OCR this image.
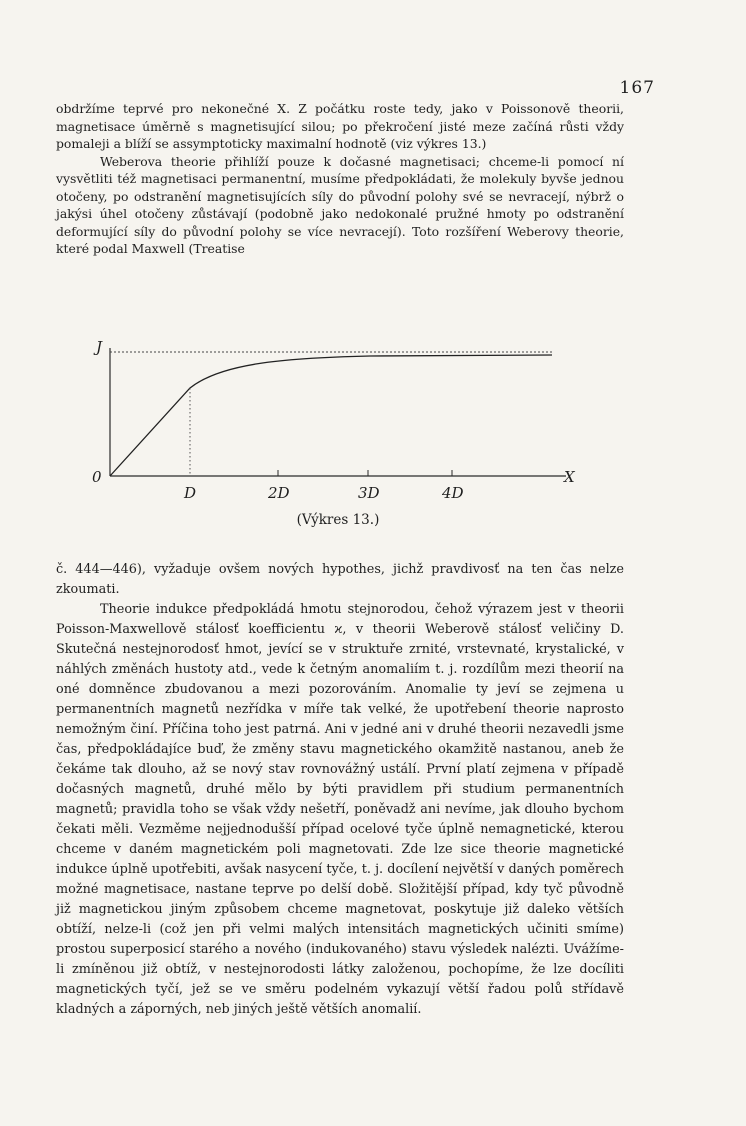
167

obdržíme teprvé pro nekonečné X. Z počátku roste tedy, jako v Poissonově theorii, magnetisace úměrně s magnetisující silou; po překročení jisté meze začíná růsti vždy pomaleji a blíží se assymptoticky maximalní hodnotě (viz výkres 13.)

Weberova theorie přihlíží pouze k dočasné magnetisaci; chceme-li pomocí ní vysvětliti též magnetisaci permanentní, musíme předpokládati, že molekuly byvše jednou otočeny, po odstranění magnetisujících síly do původní polohy své se nevracejí, nýbrž o jakýsi úhel otočeny zůstávají (podobně jako nedokonalé pružné hmoty po odstranění deformující síly do původní polohy se více nevracejí). Toto rozšíření Weberovy theorie, které podal Maxwell (Treatise

J
0	X
D	2D	3D	4D
(Výkres 13.)

č. 444—446), vyžaduje ovšem nových hypothes, jichž pravdivosť na ten čas nelze zkoumati.

Theorie indukce předpokládá hmotu stejnorodou, čehož výrazem jest v theorii Poisson-Maxwellově stálosť koefficientu ϰ, v theorii Weberově stálosť veličiny D. Skutečná nestejnorodosť hmot, jevící se v struktuře zrnité, vrstevnaté, krystalické, v náhlých změnách hustoty atd., vede k četným anomaliím t. j. rozdílům mezi theorií na oné domněnce zbudovanou a mezi pozorováním. Anomalie ty jeví se zejmena u permanentních magnetů nezřídka v míře tak velké, že upotřebení theorie naprosto nemožným činí. Příčina toho jest patrná. Ani v jedné ani v druhé theorii nezavedli jsme čas, předpokládajíce buď, že změny stavu magnetického okamžitě nastanou, aneb že čekáme tak dlouho, až se nový stav rovnovážný ustálí. První platí zejmena v případě dočasných magnetů, druhé mělo by býti pravidlem při studium permanentních magnetů; pravidla toho se však vždy nešetří, poněvadž ani nevíme, jak dlouho bychom čekati měli. Vezměme nejjednodušší případ ocelové tyče úplně nemagnetické, kterou chceme v daném magnetickém poli magnetovati. Zde lze sice theorie magnetické indukce úplně upotřebiti, avšak nasycení tyče, t. j. docílení největší v daných poměrech možné magnetisace, nastane teprve po delší době. Složitější případ, kdy tyč původně již magnetickou jiným způsobem chceme magnetovat, poskytuje již daleko větších obtíží, nelze-li (což jen při velmi malých intensitách magnetických učiniti smíme) prostou superposicí starého a nového (indukovaného) stavu výsledek nalézti. Uvážíme-li zmíněnou již obtíž, v nestejnorodosti látky založenou, pochopíme, že lze docíliti magnetických tyčí, jež se ve směru podelném vykazují větší řadou polů střídavě kladných a záporných, neb jiných ještě větších anomalií.
